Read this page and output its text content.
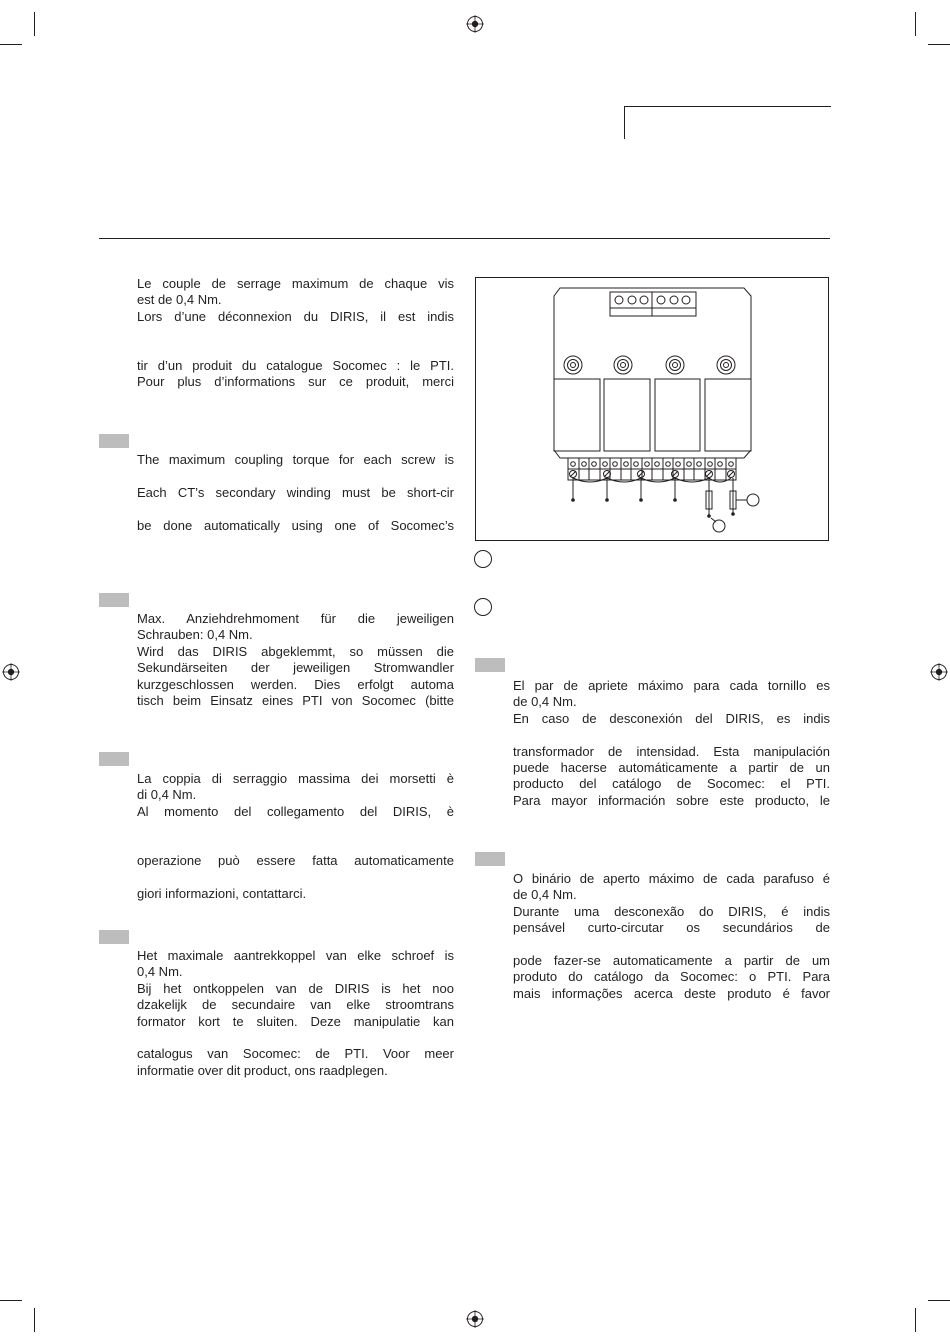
Le couple de serrage maximum de chaque vis
est de 0,4 Nm.
Lors d’une déconnexion du DIRIS, il est indis
tir d’un produit du catalogue Socomec : le PTI.
Pour plus d’informations sur ce produit, merci
The maximum coupling torque for each screw is
Each CT’s secondary winding must be short-cir
be done automatically using one of Socomec’s
Max. Anziehdrehmoment für die jeweiligen
Schrauben: 0,4 Nm.
Wird das DIRIS abgeklemmt, so müssen die
Sekundärseiten der jeweiligen Stromwandler
kurzgeschlossen werden. Dies erfolgt automa
tisch beim Einsatz eines PTI von Socomec (bitte
La coppia di serraggio massima dei morsetti è
di 0,4 Nm.
Al momento del collegamento del DIRIS, è
operazione può essere fatta automaticamente
giori informazioni, contattarci.
Het maximale aantrekkoppel van elke schroef is
0,4 Nm.
Bij het ontkoppelen van de DIRIS is het noo
dzakelijk de secundaire van elke stroomtrans
formator kort te sluiten. Deze manipulatie kan
catalogus van Socomec: de PTI. Voor meer
informatie over dit product, ons raadplegen.
El par de apriete máximo para cada tornillo es
de 0,4 Nm.
En caso de desconexión del DIRIS, es indis
transformador de intensidad. Esta manipulación
puede hacerse automáticamente a partir de un
producto del catálogo de Socomec: el PTI.
Para mayor información sobre este producto, le
O binário de aperto máximo de cada parafuso é
de 0,4 Nm.
Durante uma desconexão do DIRIS, é indis
pensável curto-circutar os secundários de
pode fazer-se automaticamente a partir de um
produto do catálogo da Socomec: o PTI. Para
mais informações acerca deste produto é favor
